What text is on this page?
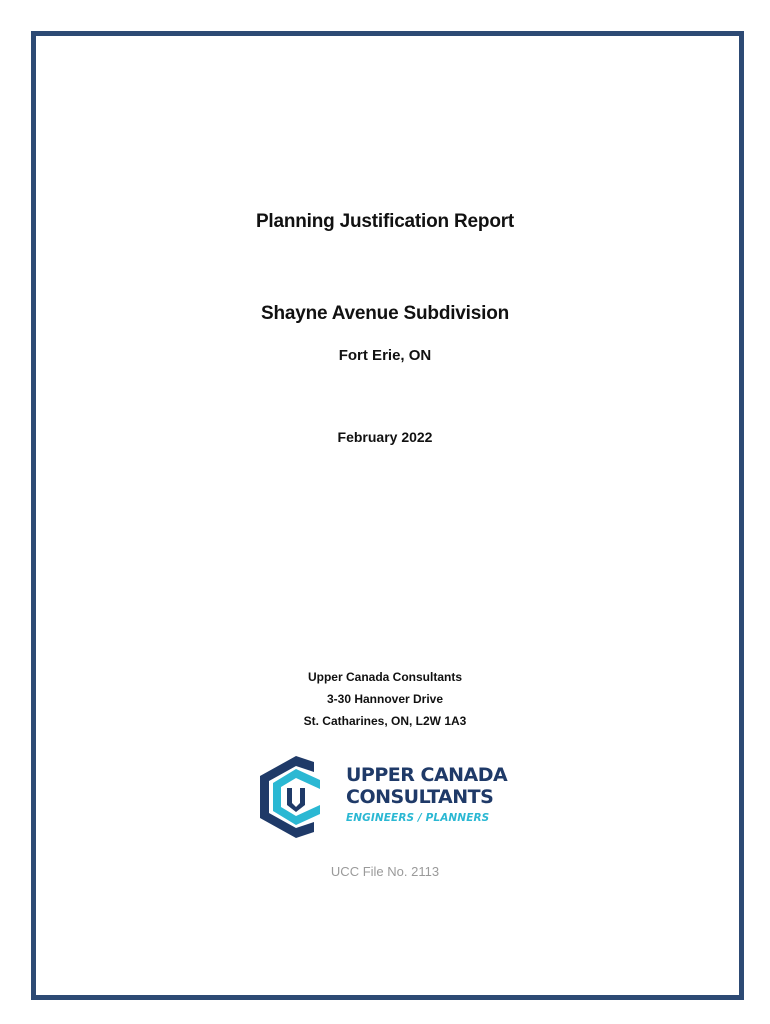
Planning Justification Report
Shayne Avenue Subdivision
Fort Erie, ON
February 2022
Upper Canada Consultants
3-30 Hannover Drive
St. Catharines, ON, L2W 1A3
UPPER CANADA
CONSULTANTS
ENGINEERS / PLANNERS
UCC File No. 2113
